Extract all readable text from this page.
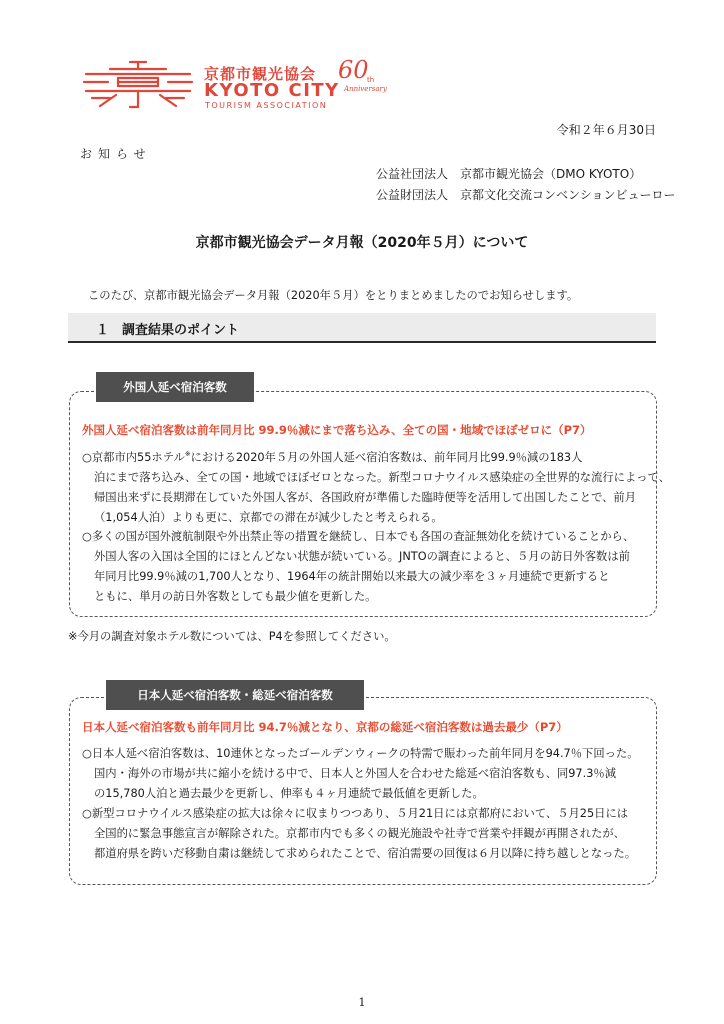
京都市観光協会
KYOTO CITY
TOURISM ASSOCIATION
60
th
Anniversary
令和２年６月30日
お知らせ
公益社団法人　京都市観光協会（DMO KYOTO）
公益財団法人　京都文化交流コンベンションビューロー
京都市観光協会データ月報（2020年５月）について
このたび、京都市観光協会データ月報（2020年５月）をとりまとめましたのでお知らせします。
１　調査結果のポイント
外国人延べ宿泊客数
外国人延べ宿泊客数は前年同月比 99.9％減にまで落ち込み、全ての国・地域でほぼゼロに（P7）
○京都市内55ホテル※における2020年５月の外国人延べ宿泊客数は、前年同月比99.9％減の183人
泊にまで落ち込み、全ての国・地域でほぼゼロとなった。新型コロナウイルス感染症の全世界的な流行によって、
帰国出来ずに長期滞在していた外国人客が、各国政府が準備した臨時便等を活用して出国したことで、前月
（1,054人泊）よりも更に、京都での滞在が減少したと考えられる。
○多くの国が国外渡航制限や外出禁止等の措置を継続し、日本でも各国の査証無効化を続けていることから、
外国人客の入国は全国的にほとんどない状態が続いている。JNTOの調査によると、５月の訪日外客数は前
年同月比99.9％減の1,700人となり、1964年の統計開始以来最大の減少率を３ヶ月連続で更新すると
ともに、単月の訪日外客数としても最少値を更新した。
※今月の調査対象ホテル数については、P4を参照してください。
日本人延べ宿泊客数・総延べ宿泊客数
日本人延べ宿泊客数も前年同月比 94.7％減となり、京都の総延べ宿泊客数は過去最少（P7）
○日本人延べ宿泊客数は、10連休となったゴールデンウィークの特需で賑わった前年同月を94.7％下回った。
国内・海外の市場が共に縮小を続ける中で、日本人と外国人を合わせた総延べ宿泊客数も、同97.3％減
の15,780人泊と過去最少を更新し、伸率も４ヶ月連続で最低値を更新した。
○新型コロナウイルス感染症の拡大は徐々に収まりつつあり、５月21日には京都府において、５月25日には
全国的に緊急事態宣言が解除された。京都市内でも多くの観光施設や社寺で営業や拝観が再開されたが、
都道府県を跨いだ移動自粛は継続して求められたことで、宿泊需要の回復は６月以降に持ち越しとなった。
1
